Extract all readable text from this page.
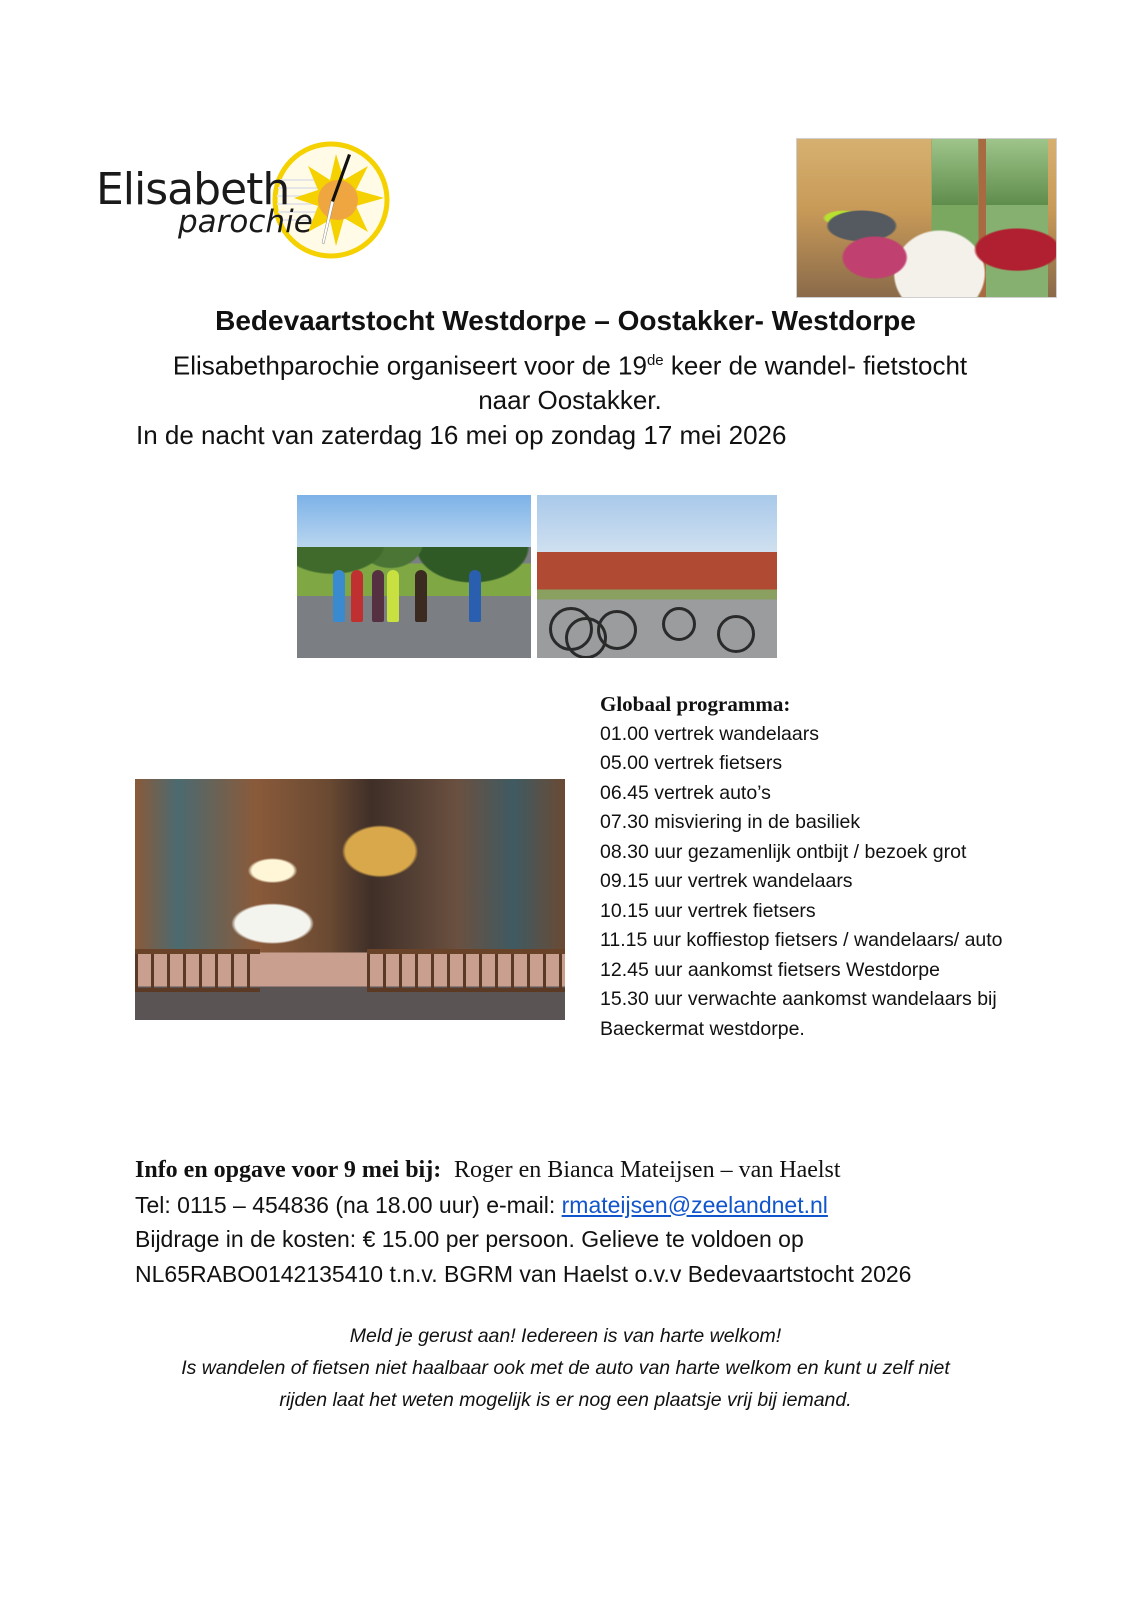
Elisabeth
parochie
Bedevaartstocht Westdorpe – Oostakker- Westdorpe
Elisabethparochie organiseert voor de 19de keer de wandel- fietstocht
naar Oostakker.
In de nacht van zaterdag 16 mei op zondag 17 mei 2026
Globaal programma:
01.00 vertrek wandelaars
05.00 vertrek fietsers
06.45 vertrek auto’s
07.30 misviering in de basiliek
08.30 uur gezamenlijk ontbijt / bezoek grot
09.15 uur vertrek wandelaars
10.15 uur vertrek fietsers
11.15 uur koffiestop fietsers / wandelaars/ auto
12.45 uur aankomst fietsers Westdorpe
15.30 uur verwachte aankomst wandelaars bij Baeckermat westdorpe.
Info en opgave voor 9 mei bij: Roger en Bianca Mateijsen – van Haelst
Tel: 0115 – 454836 (na 18.00 uur) e-mail: rmateijsen@zeelandnet.nl
Bijdrage in de kosten: € 15.00 per persoon. Gelieve te voldoen op
NL65RABO0142135410 t.n.v. BGRM van Haelst o.v.v Bedevaartstocht 2026
Meld je gerust aan! Iedereen is van harte welkom!
Is wandelen of fietsen niet haalbaar ook met de auto van harte welkom en kunt u zelf niet
rijden laat het weten mogelijk is er nog een plaatsje vrij bij iemand.
